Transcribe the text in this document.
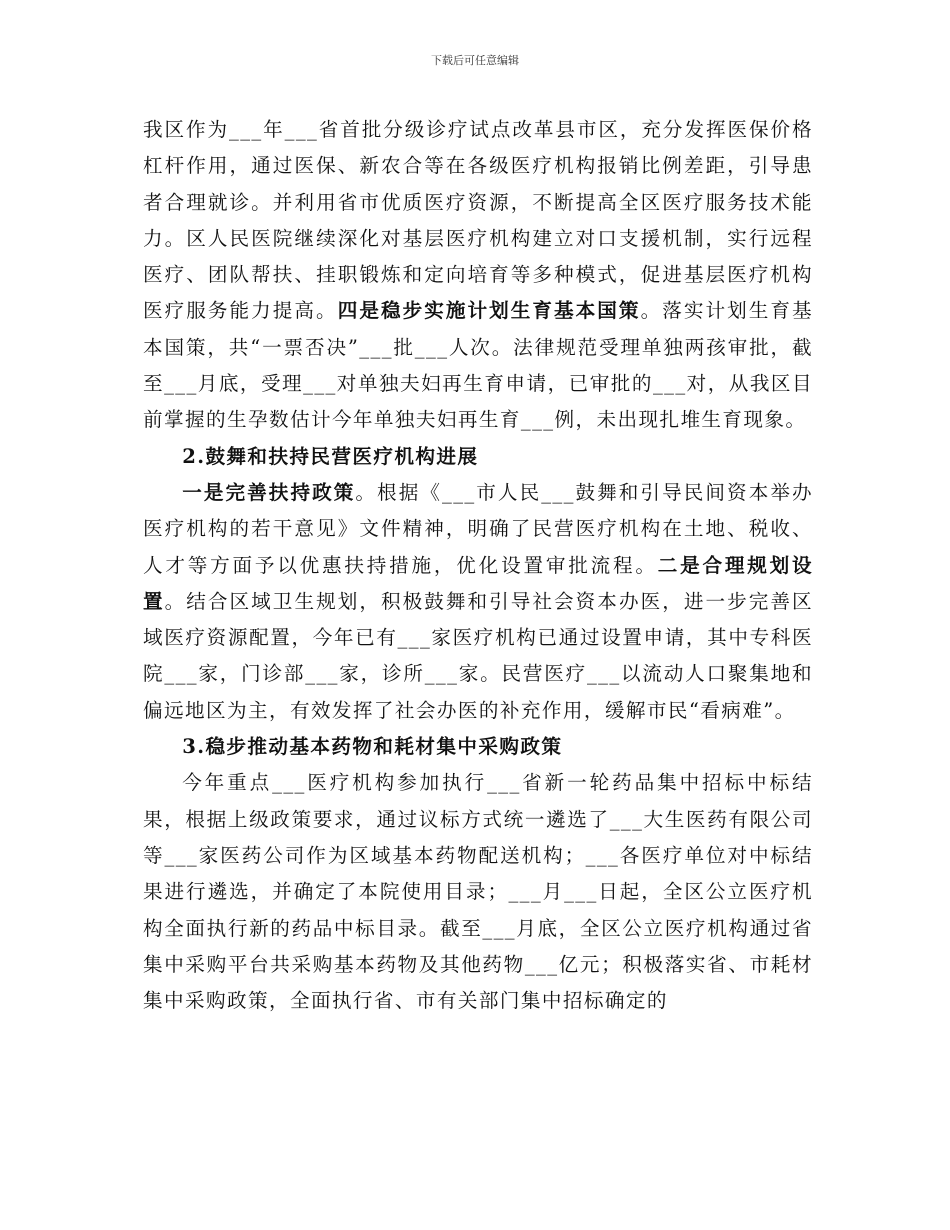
下载后可任意编辑

我区作为___年___省首批分级诊疗试点改革县市区，充分发挥医保价格杠杆作用，通过医保、新农合等在各级医疗机构报销比例差距，引导患者合理就诊。并利用省市优质医疗资源，不断提高全区医疗服务技术能力。区人民医院继续深化对基层医疗机构建立对口支援机制，实行远程医疗、团队帮扶、挂职锻炼和定向培育等多种模式，促进基层医疗机构医疗服务能力提高。四是稳步实施计划生育基本国策。落实计划生育基本国策，共“一票否决”___批___人次。法律规范受理单独两孩审批，截至___月底，受理___对单独夫妇再生育申请，已审批的___对，从我区目前掌握的生孕数估计今年单独夫妇再生育___例，未出现扎堆生育现象。

2.鼓舞和扶持民营医疗机构进展

一是完善扶持政策。根据《___市人民___鼓舞和引导民间资本举办医疗机构的若干意见》文件精神，明确了民营医疗机构在土地、税收、人才等方面予以优惠扶持措施，优化设置审批流程。二是合理规划设置。结合区域卫生规划，积极鼓舞和引导社会资本办医，进一步完善区域医疗资源配置，今年已有___家医疗机构已通过设置申请，其中专科医院___家，门诊部___家，诊所___家。民营医疗___以流动人口聚集地和偏远地区为主，有效发挥了社会办医的补充作用，缓解市民“看病难”。

3.稳步推动基本药物和耗材集中采购政策

今年重点___医疗机构参加执行___省新一轮药品集中招标中标结果，根据上级政策要求，通过议标方式统一遴选了___大生医药有限公司等___家医药公司作为区域基本药物配送机构；___各医疗单位对中标结果进行遴选，并确定了本院使用目录；___月___日起，全区公立医疗机构全面执行新的药品中标目录。截至___月底，全区公立医疗机构通过省集中采购平台共采购基本药物及其他药物___亿元；积极落实省、市耗材集中采购政策，全面执行省、市有关部门集中招标确定的
